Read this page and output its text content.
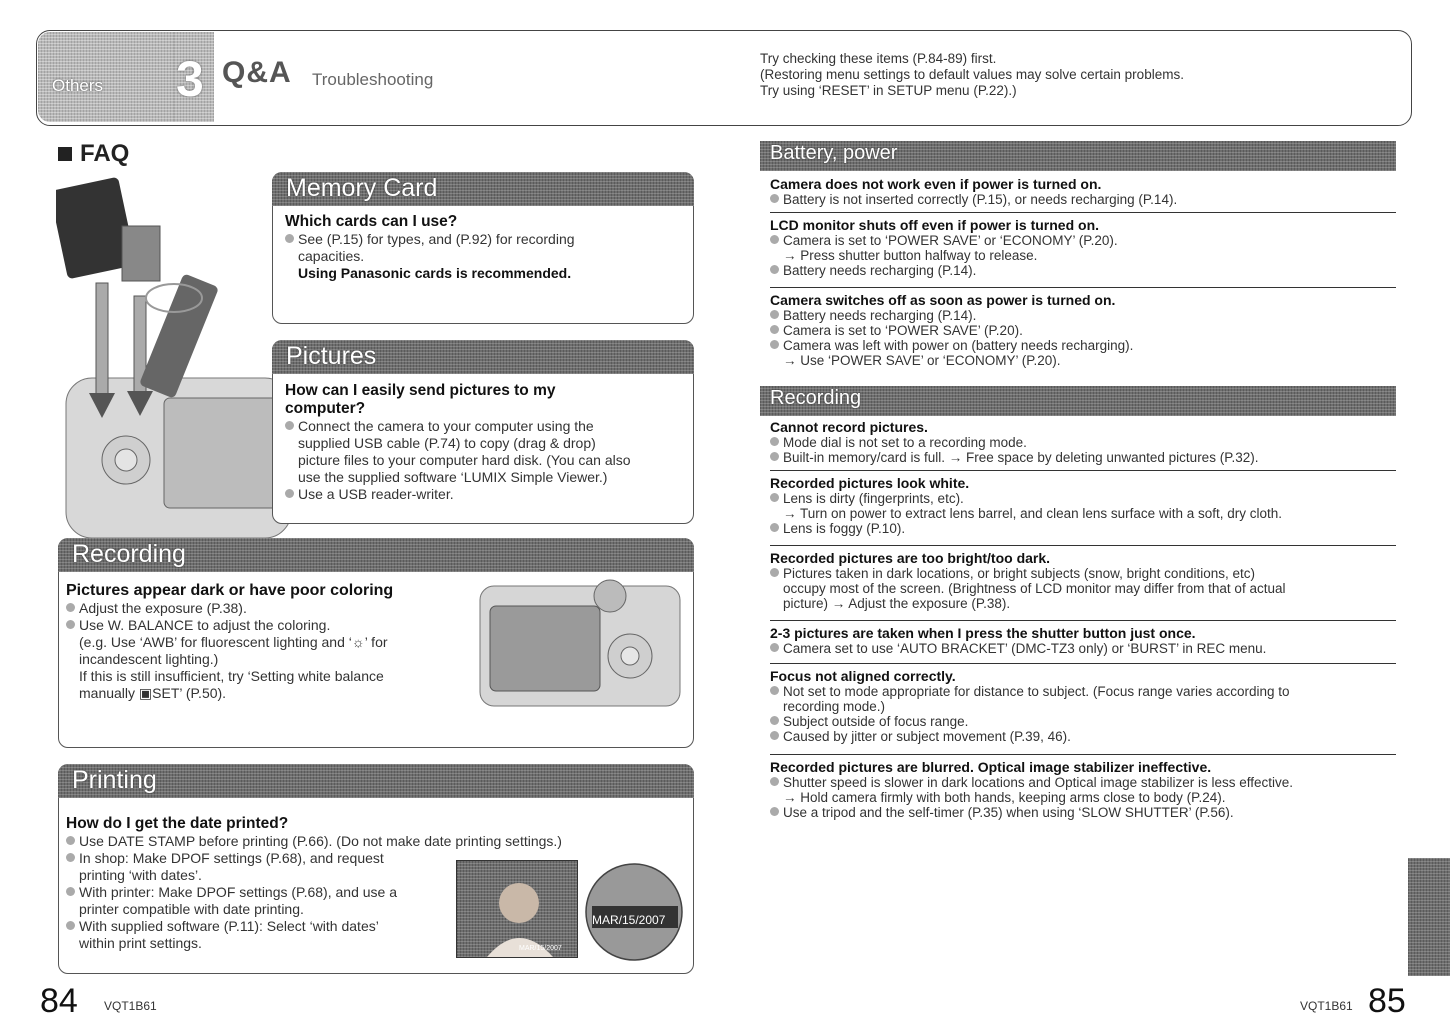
Others 3 Q&A Troubleshooting
Try checking these items (P.84-89) first.
(Restoring menu settings to default values may solve certain problems.
Try using ‘RESET’ in SETUP menu (P.22).)
FAQ
Memory Card
Which cards can I use?
See (P.15) for types, and (P.92) for recording
capacities.
Using Panasonic cards is recommended.
Pictures
How can I easily send pictures to my
computer?
Connect the camera to your computer using the
supplied USB cable (P.74) to copy (drag & drop)
picture files to your computer hard disk. (You can also
use the supplied software ‘LUMIX Simple Viewer.)
Use a USB reader-writer.
Recording
Pictures appear dark or have poor coloring
Adjust the exposure (P.38).
Use W. BALANCE to adjust the coloring.
(e.g. Use ‘AWB’ for fluorescent lighting and ‘☼’ for
incandescent lighting.)
If this is still insufficient, try ‘Setting white balance
manually ▣SET’ (P.50).
Printing
How do I get the date printed?
Use DATE STAMP before printing (P.66). (Do not make date printing settings.)
In shop: Make DPOF settings (P.68), and request
printing ‘with dates’.
With printer: Make DPOF settings (P.68), and use a
printer compatible with date printing.
With supplied software (P.11): Select ‘with dates’
within print settings.	MAR/15/2007
MAR/15/2007
Battery, power
Camera does not work even if power is turned on.
Battery is not inserted correctly (P.15), or needs recharging (P.14).
LCD monitor shuts off even if power is turned on.
Camera is set to ‘POWER SAVE’ or ‘ECONOMY’ (P.20).
→ Press shutter button halfway to release.
Battery needs recharging (P.14).
Camera switches off as soon as power is turned on.
Battery needs recharging (P.14).
Camera is set to ‘POWER SAVE’ (P.20).
Camera was left with power on (battery needs recharging).
→ Use ‘POWER SAVE’ or ‘ECONOMY’ (P.20).
Recording
Cannot record pictures.
Mode dial is not set to a recording mode.
Built-in memory/card is full. → Free space by deleting unwanted pictures (P.32).
Recorded pictures look white.
Lens is dirty (fingerprints, etc).
→ Turn on power to extract lens barrel, and clean lens surface with a soft, dry cloth.
Lens is foggy (P.10).
Recorded pictures are too bright/too dark.
Pictures taken in dark locations, or bright subjects (snow, bright conditions, etc)
occupy most of the screen. (Brightness of LCD monitor may differ from that of actual
picture) → Adjust the exposure (P.38).
2-3 pictures are taken when I press the shutter button just once.
Camera set to use ‘AUTO BRACKET’ (DMC-TZ3 only) or ‘BURST’ in REC menu.
Focus not aligned correctly.
Not set to mode appropriate for distance to subject. (Focus range varies according to
recording mode.)
Subject outside of focus range.
Caused by jitter or subject movement (P.39, 46).
Recorded pictures are blurred. Optical image stabilizer ineffective.
Shutter speed is slower in dark locations and Optical image stabilizer is less effective.
→ Hold camera firmly with both hands, keeping arms close to body (P.24).
Use a tripod and the self-timer (P.35) when using ‘SLOW SHUTTER’ (P.56).
84 VQT1B61	VQT1B61 85
